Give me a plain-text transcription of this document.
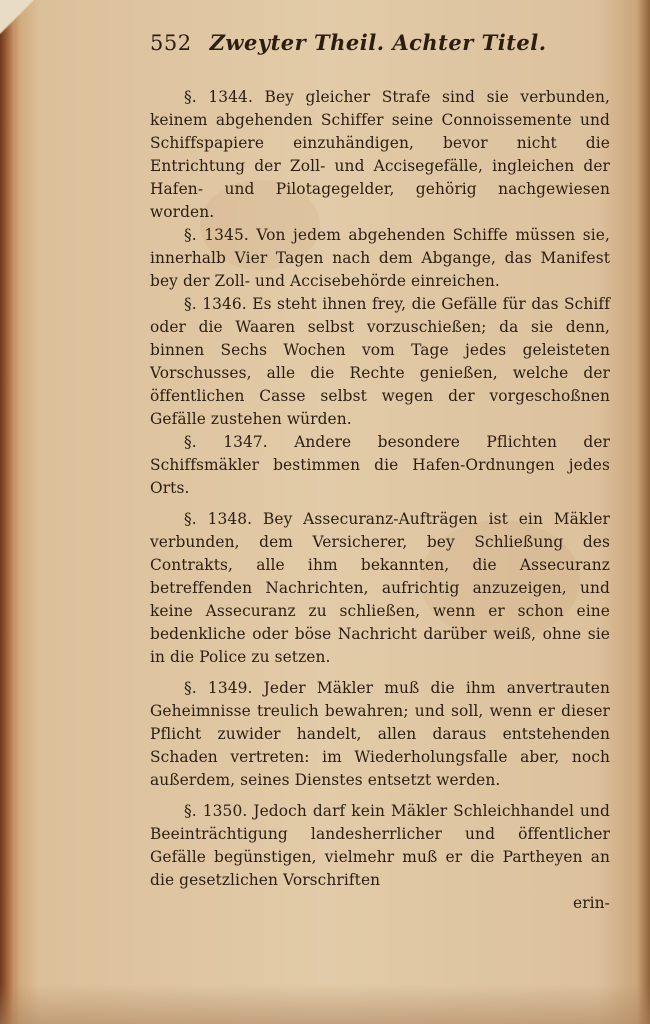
552 Zweyter Theil. Achter Titel.

§. 1344. Bey gleicher Strafe sind sie verbunden, keinem abgehenden Schiffer seine Connoissemente und Schiffspapiere einzuhändigen, bevor nicht die Entrichtung der Zoll- und Accisegefälle, ingleichen der Hafen- und Pilotagegelder, gehörig nachgewiesen worden.

§. 1345. Von jedem abgehenden Schiffe müssen sie, innerhalb Vier Tagen nach dem Abgange, das Manifest bey der Zoll- und Accisebehörde einreichen.

§. 1346. Es steht ihnen frey, die Gefälle für das Schiff oder die Waaren selbst vorzuschießen; da sie denn, binnen Sechs Wochen vom Tage jedes geleisteten Vorschusses, alle die Rechte genießen, welche der öffentlichen Casse selbst wegen der vorgeschoßnen Gefälle zustehen würden.

§. 1347. Andere besondere Pflichten der Schiffsmäkler bestimmen die Hafen-Ordnungen jedes Orts.

§. 1348. Bey Assecuranz-Aufträgen ist ein Mäkler verbunden, dem Versicherer, bey Schließung des Contrakts, alle ihm bekannten, die Assecuranz betreffenden Nachrichten, aufrichtig anzuzeigen, und keine Assecuranz zu schließen, wenn er schon eine bedenkliche oder böse Nachricht darüber weiß, ohne sie in die Police zu setzen.

§. 1349. Jeder Mäkler muß die ihm anvertrauten Geheimnisse treulich bewahren; und soll, wenn er dieser Pflicht zuwider handelt, allen daraus entstehenden Schaden vertreten: im Wiederholungsfalle aber, noch außerdem, seines Dienstes entsetzt werden.

§. 1350. Jedoch darf kein Mäkler Schleichhandel und Beeinträchtigung landesherrlicher und öffentlicher Gefälle begünstigen, vielmehr muß er die Partheyen an die gesetzlichen Vorschriften

erin-
